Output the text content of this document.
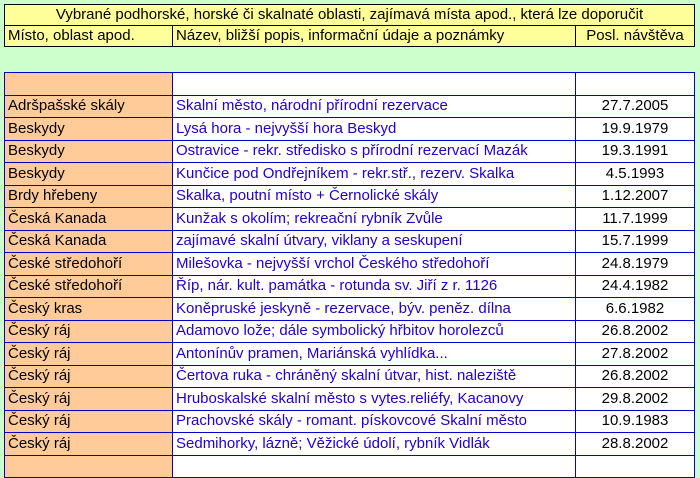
Vybrané podhorské, horské či skalnaté oblasti, zajímavá místa apod., která lze doporučit
Místo, oblast apod.	Název, bližší popis, informační údaje a poznámky	Posl. návštěva

Adršpašské skály	Skalní město, národní přírodní rezervace	27.7.2005
Beskydy	Lysá hora - nejvyšší hora Beskyd	19.9.1979
Beskydy	Ostravice - rekr. středisko s přírodní rezervací Mazák	19.3.1991
Beskydy	Kunčice pod Ondřejníkem - rekr.stř., rezerv. Skalka	4.5.1993
Brdy hřebeny	Skalka, poutní místo + Černolické skály	1.12.2007
Česká Kanada	Kunžak s okolím; rekreační rybník Zvůle	11.7.1999
Česká Kanada	zajímavé skalní útvary, viklany a seskupení	15.7.1999
České středohoří	Milešovka - nejvyšší vrchol Českého středohoří	24.8.1979
České středohoří	Říp, nár. kult. památka - rotunda sv. Jiří z r. 1126	24.4.1982
Český kras	Koněpruské jeskyně - rezervace, býv. peněz. dílna	6.6.1982
Český ráj	Adamovo lože; dále symbolický hřbitov horolezců	26.8.2002
Český ráj	Antonínův pramen, Mariánská vyhlídka...	27.8.2002
Český ráj	Čertova ruka - chráněný skalní útvar, hist. naleziště	26.8.2002
Český ráj	Hruboskalské skalní město s vytes.reliéfy, Kacanovy	29.8.2002
Český ráj	Prachovské skály - romant. pískovcové Skalní město	10.9.1983
Český ráj	Sedmihorky, lázně; Věžické údolí, rybník Vidlák	28.8.2002
